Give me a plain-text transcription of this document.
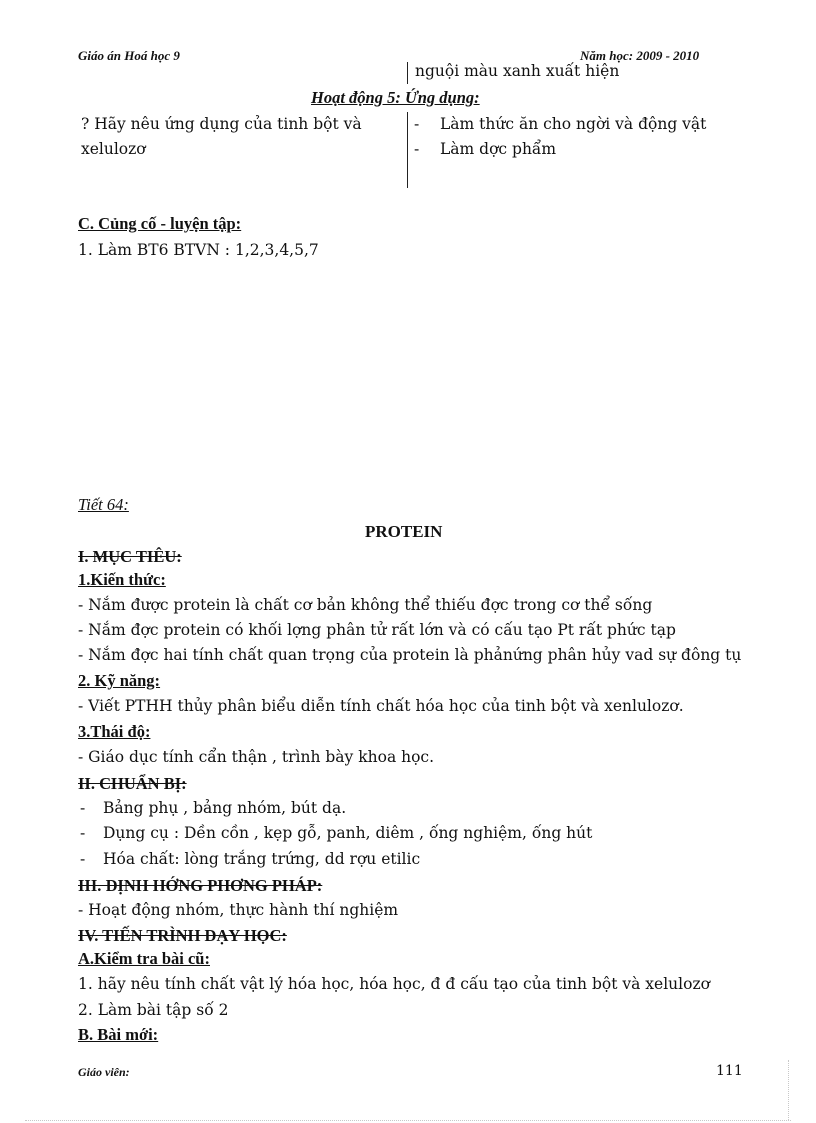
Giáo án Hoá học 9	Năm học: 2009 - 2010
nguội màu xanh xuất hiện
Hoạt động 5: Ứng dụng:
? Hãy nêu ứng dụng của tinh bột và
xelulozơ
- Làm thức ăn cho ngời và động vật
- Làm dợc phẩm
C. Củng cố - luyện tập:
1. Làm BT6 BTVN : 1,2,3,4,5,7
Tiết 64:
PROTEIN
I. MỤC TIÊU:
1.Kiến thức:
- Nắm được protein là chất cơ bản không thể thiếu đợc trong cơ thể sống
- Nắm đợc protein có khối lợng phân tử rất lớn và có cấu tạo Pt rất phức tạp
- Nắm đợc hai tính chất quan trọng của protein là phảnứng phân hủy vad sự đông tụ
2. Kỹ năng:
- Viết PTHH thủy phân biểu diễn tính chất hóa học của tinh bột và xenlulozơ.
3.Thái độ:
- Giáo dục tính cẩn thận , trình bày khoa học.
II. CHUẨN BỊ:
- Bảng phụ , bảng nhóm, bút dạ.
- Dụng cụ : Dền cồn , kẹp gỗ, panh, diêm , ống nghiệm, ống hút
- Hóa chất: lòng trắng trứng, dd rợu etilic
III. ĐỊNH HỚNG PHƠNG PHÁP:
- Hoạt động nhóm, thực hành thí nghiệm
IV. TIẾN TRÌNH DẠY HỌC:
A.Kiểm tra bài cũ:
1. hãy nêu tính chất vật lý hóa học, hóa học, đ đ cấu tạo của tinh bột và xelulozơ
2. Làm bài tập số 2
B. Bài mới:
Giáo viên:	111
